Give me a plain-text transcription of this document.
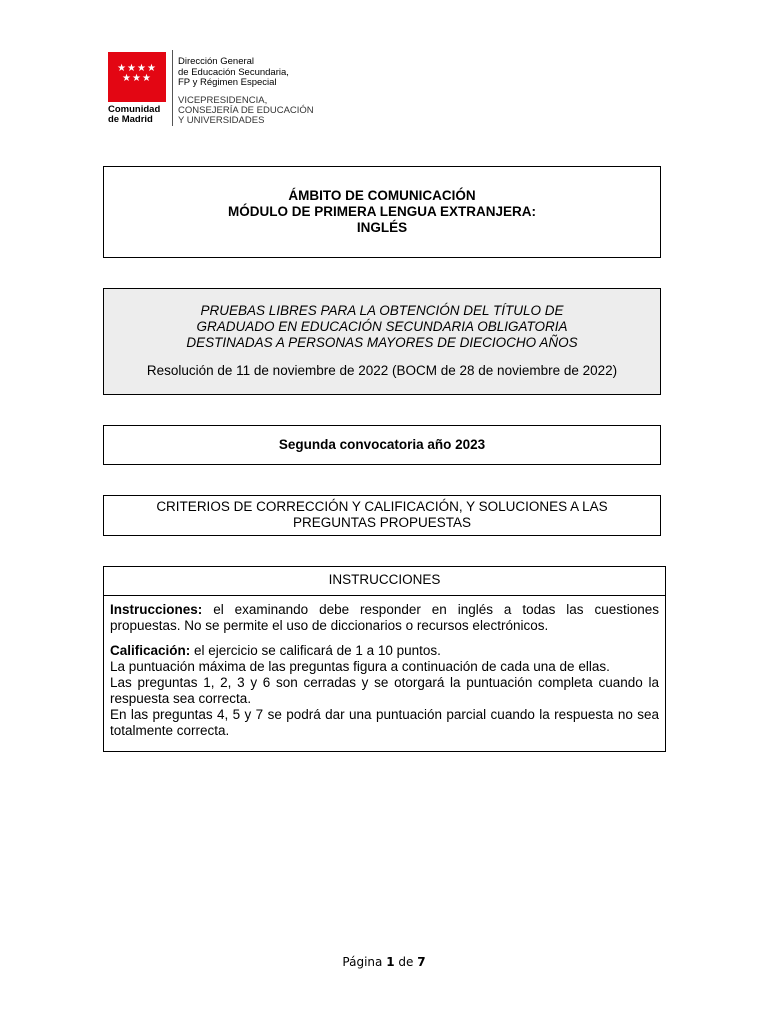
★★★★
★★★
Comunidad
de Madrid
Dirección General
de Educación Secundaria,
FP y Régimen Especial
VICEPRESIDENCIA,
CONSEJERÍA DE EDUCACIÓN
Y UNIVERSIDADES
ÁMBITO DE COMUNICACIÓN
MÓDULO DE PRIMERA LENGUA EXTRANJERA:
INGLÉS
PRUEBAS LIBRES PARA LA OBTENCIÓN DEL TÍTULO DE
GRADUADO EN EDUCACIÓN SECUNDARIA OBLIGATORIA
DESTINADAS A PERSONAS MAYORES DE DIECIOCHO AÑOS
Resolución de 11 de noviembre de 2022 (BOCM de 28 de noviembre de 2022)
Segunda convocatoria año 2023
CRITERIOS DE CORRECCIÓN Y CALIFICACIÓN, Y SOLUCIONES A LAS
PREGUNTAS PROPUESTAS
INSTRUCCIONES

Instrucciones: el examinando debe responder en inglés a todas las cuestiones propuestas. No se permite el uso de diccionarios o recursos electrónicos.

Calificación: el ejercicio se calificará de 1 a 10 puntos.

La puntuación máxima de las preguntas figura a continuación de cada una de ellas.

Las preguntas 1, 2, 3 y 6 son cerradas y se otorgará la puntuación completa cuando la respuesta sea correcta.

En las preguntas 4, 5 y 7 se podrá dar una puntuación parcial cuando la respuesta no sea totalmente correcta.

Página 1 de 7
